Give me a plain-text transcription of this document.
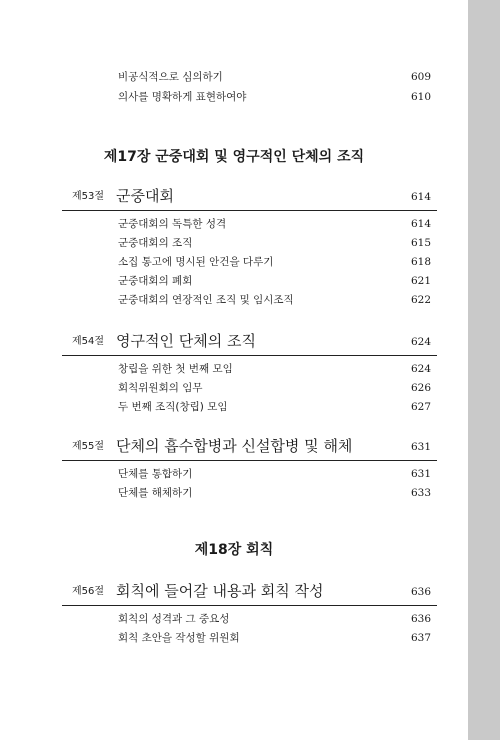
비공식적으로 심의하기	609
의사를 명확하게 표현하여야	610
제17장 군중대회 및 영구적인 단체의 조직
제53절 군중대회	614
군중대회의 독특한 성격	614
군중대회의 조직	615
소집 통고에 명시된 안건을 다루기	618
군중대회의 폐회	621
군중대회의 연장적인 조직 및 임시조직	622
제54절 영구적인 단체의 조직	624
창립을 위한 첫 번째 모임	624
회칙위원회의 임무	626
두 번째 조직(창립) 모임	627
제55절 단체의 흡수합병과 신설합병 및 해체	631
단체를 통합하기	631
단체를 해체하기	633
제18장 회칙
제56절 회칙에 들어갈 내용과 회칙 작성	636
회칙의 성격과 그 중요성	636
회칙 초안을 작성할 위원회	637
